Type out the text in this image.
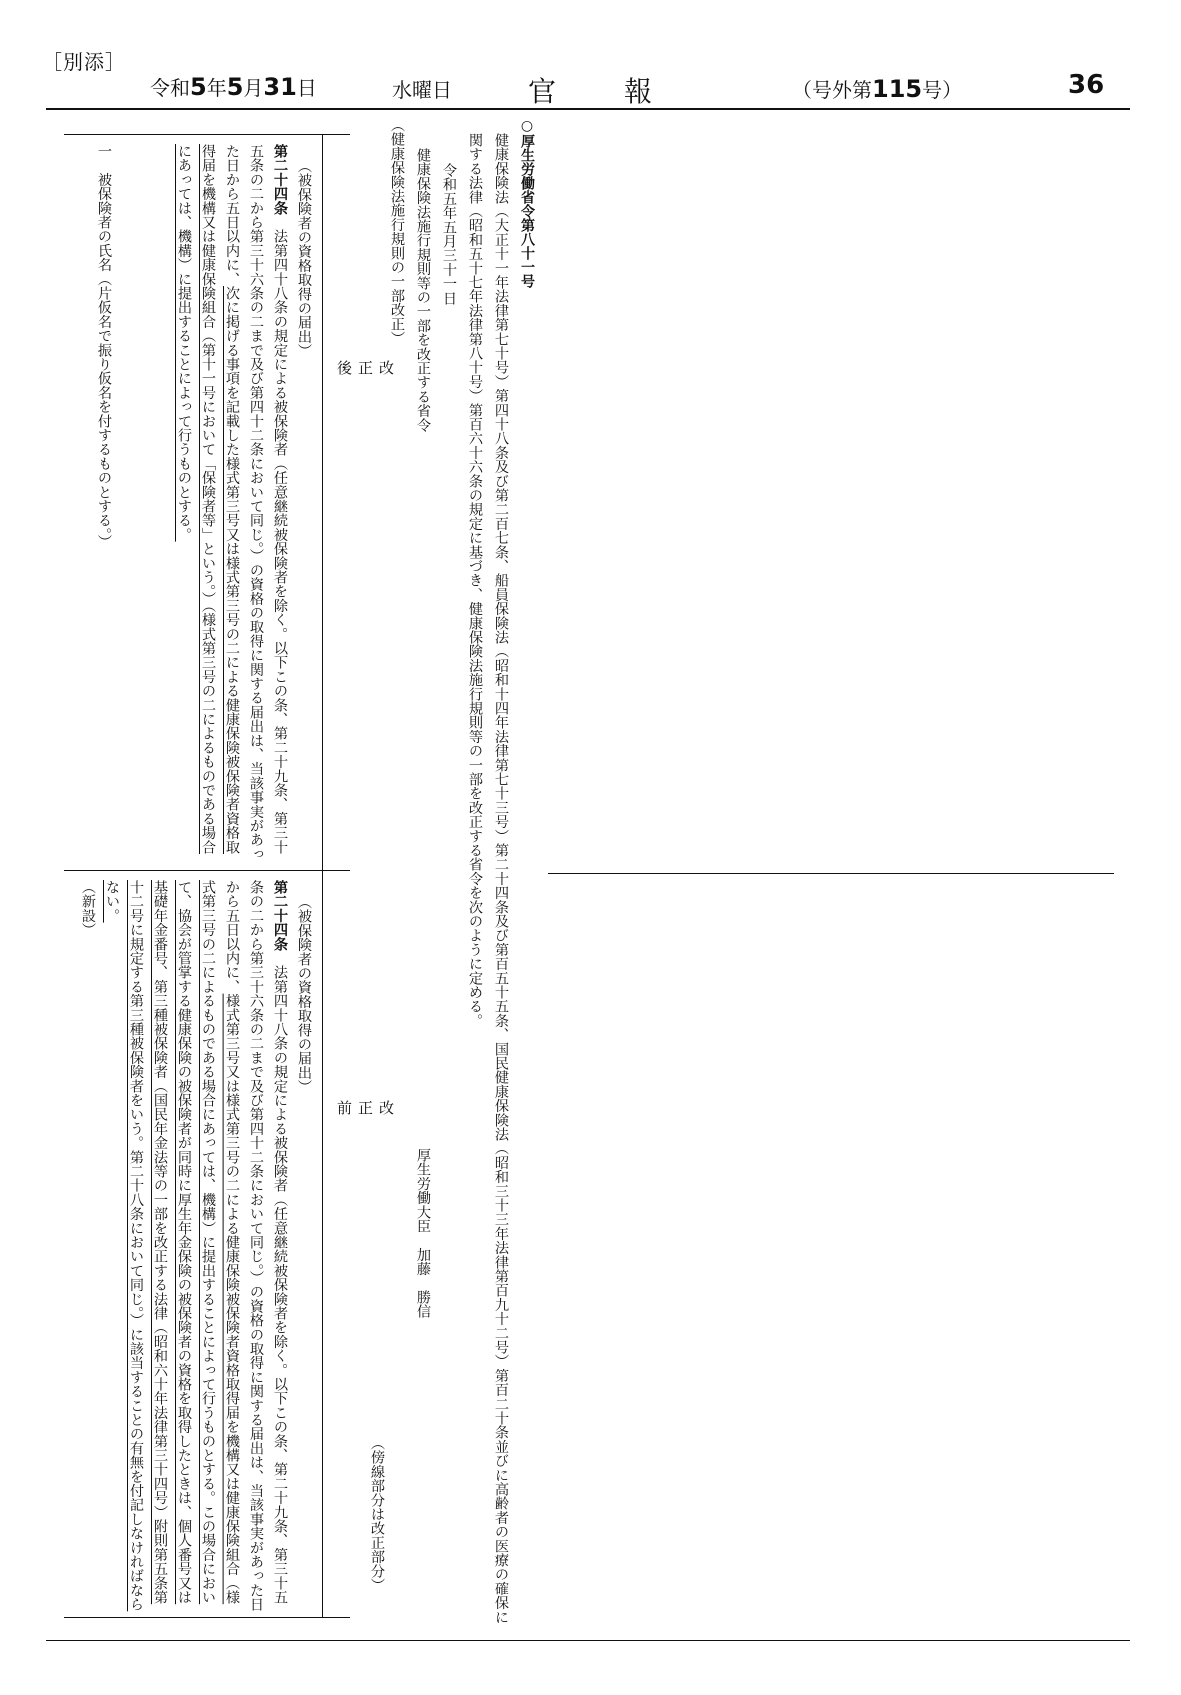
［別添］
令和5年5月31日	水曜日	官 報	（号外第115号）	36
○厚生労働省令第八十一号
健康保険法（大正十一年法律第七十号）第四十八条及び第二百七条、船員保険法（昭和十四年法律第七十三号）第二十四条及び第百五十五条、国民健康保険法（昭和三十三年法律第百九十二号）第百二十条並びに高齢者の医療の確保に関する法律（昭和五十七年法律第八十号）第百六十六条の規定に基づき、健康保険法施行規則等の一部を改正する省令を次のように定める。
令和五年五月三十一日
厚生労働大臣　加藤　勝信
健康保険法施行規則等の一部を改正する省令
（健康保険法施行規則の一部改正）

（傍線部分は改正部分）
改
正
後
改
正
前
（被保険者の資格取得の届出）
第二十四条　法第四十八条の規定による被保険者（任意継続被保険者を除く。以下この条、第二十九条、第三十五条の二から第三十六条の二まで及び第四十二条において同じ。）の資格の取得に関する届出は、当該事実があった日から五日以内に、次に掲げる事項を記載した様式第三号又は様式第三号の二による健康保険被保険者資格取得届を機構又は健康保険組合（第十一号において「保険者等」という。）（様式第三号の二によるものである場合にあっては、機構）に提出することによって行うものとする。
一　被保険者の氏名（片仮名で振り仮名を付するものとする。）
（被保険者の資格取得の届出）
第二十四条　法第四十八条の規定による被保険者（任意継続被保険者を除く。以下この条、第二十九条、第三十五条の二から第三十六条の二まで及び第四十二条において同じ。）の資格の取得に関する届出は、当該事実があった日から五日以内に、様式第三号又は様式第三号の二による健康保険被保険者資格取得届を機構又は健康保険組合（様式第三号の二によるものである場合にあっては、機構）に提出することによって行うものとする。この場合において、協会が管掌する健康保険の被保険者が同時に厚生年金保険の被保険者の資格を取得したときは、個人番号又は基礎年金番号、第三種被保険者（国民年金法等の一部を改正する法律（昭和六十年法律第三十四号）附則第五条第十二号に規定する第三種被保険者をいう。第二十八条において同じ。）に該当することの有無を付記しなければならない。
（新設）
